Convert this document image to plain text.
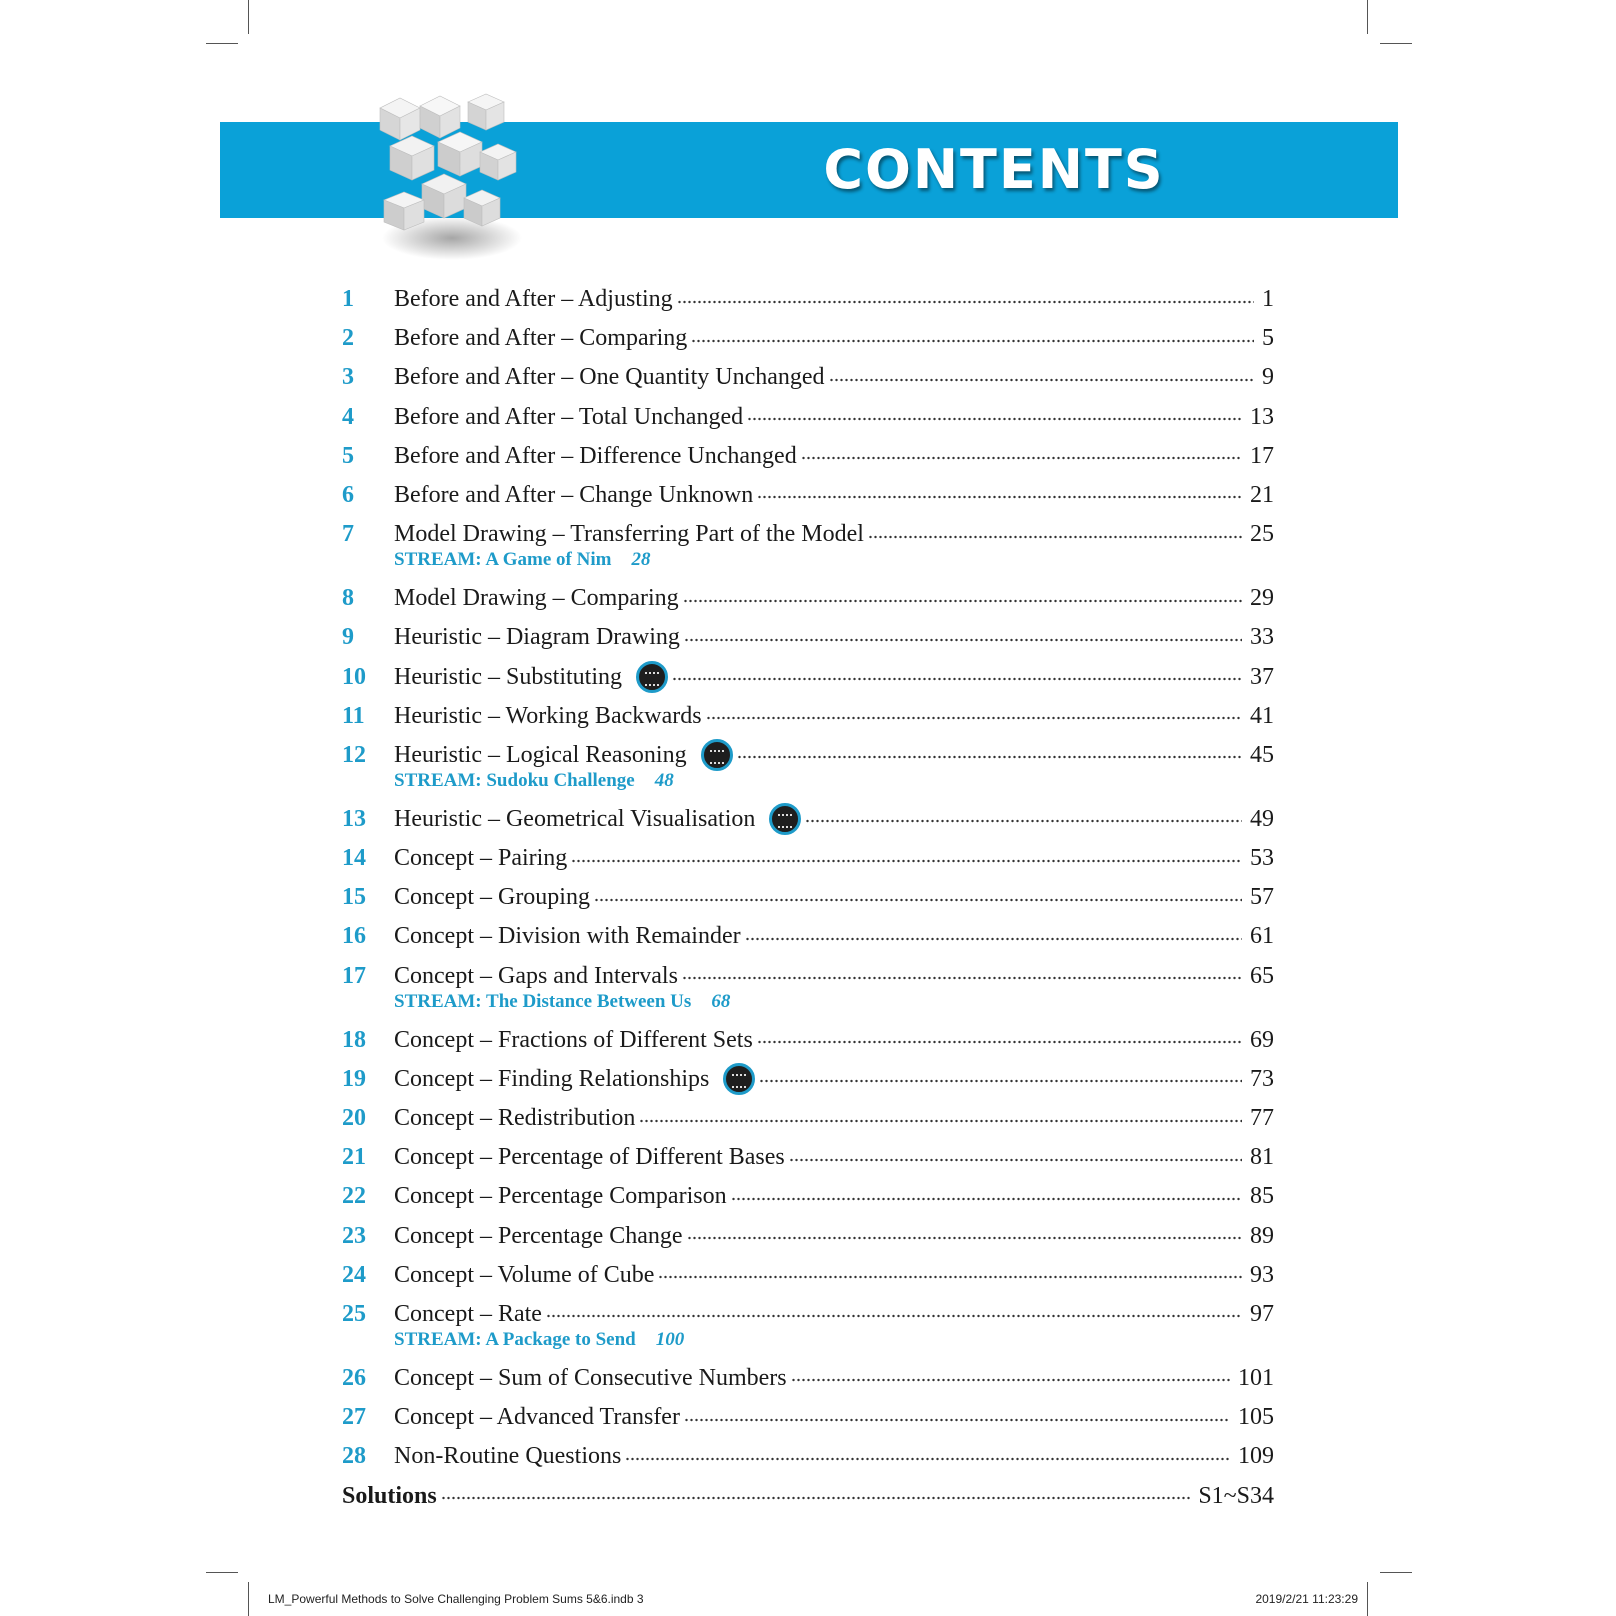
CONTENTS
1	Before and After – Adjusting	1
2	Before and After – Comparing	5
3	Before and After – One Quantity Unchanged	9
4	Before and After – Total Unchanged	13
5	Before and After – Difference Unchanged	17
6	Before and After – Change Unknown	21
7	Model Drawing – Transferring Part of the Model	25
STREAM: A Game of Nim 28
8	Model Drawing – Comparing	29
9	Heuristic – Diagram Drawing	33
10	Heuristic – Substituting	37
11	Heuristic – Working Backwards	41
12	Heuristic – Logical Reasoning	45
STREAM: Sudoku Challenge 48
13	Heuristic – Geometrical Visualisation	49
14	Concept – Pairing	53
15	Concept – Grouping	57
16	Concept – Division with Remainder	61
17	Concept – Gaps and Intervals	65
STREAM: The Distance Between Us 68
18	Concept – Fractions of Different Sets	69
19	Concept – Finding Relationships	73
20	Concept – Redistribution	77
21	Concept – Percentage of Different Bases	81
22	Concept – Percentage Comparison	85
23	Concept – Percentage Change	89
24	Concept – Volume of Cube	93
25	Concept – Rate	97
STREAM: A Package to Send 100
26	Concept – Sum of Consecutive Numbers	101
27	Concept – Advanced Transfer	105
28	Non-Routine Questions	109
Solutions	S1~S34
LM_Powerful Methods to Solve Challenging Problem Sums 5&6.indb 3	2019/2/21 11:23:29
